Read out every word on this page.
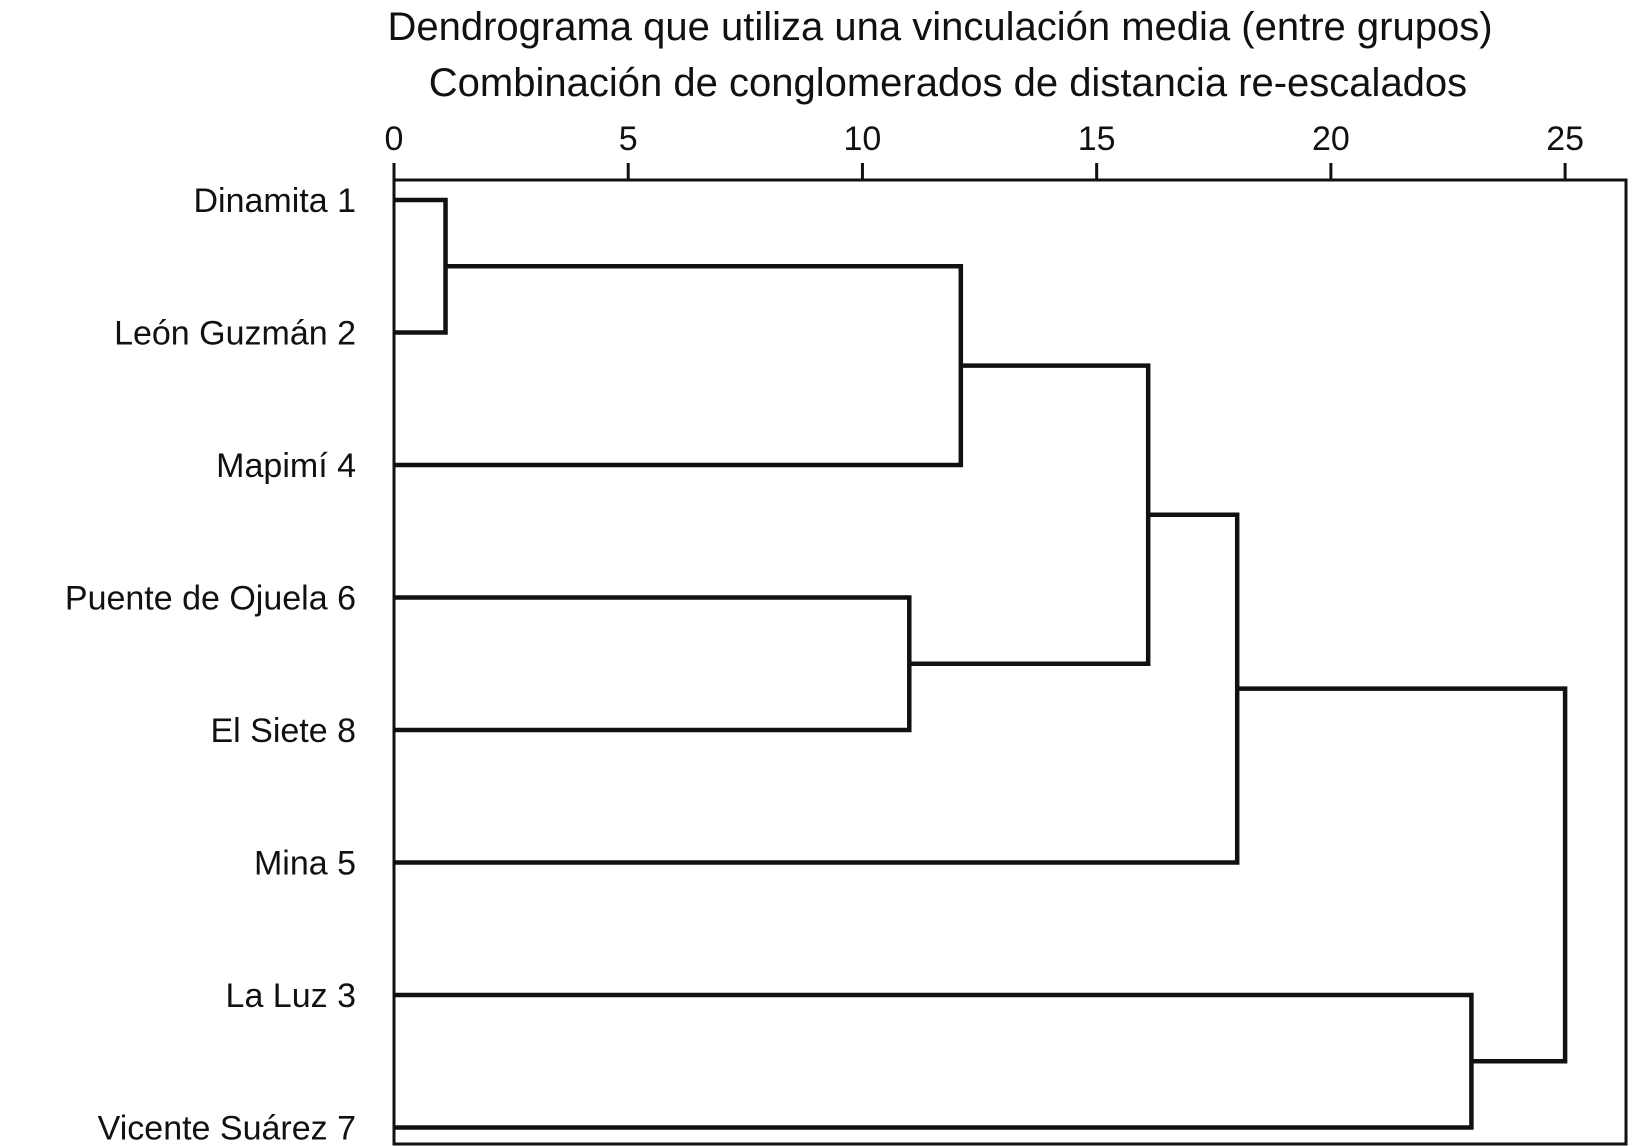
Dendrograma que utiliza una vinculación media (entre grupos)
Combinación de conglomerados de distancia re-escalados
0	5	10	15	20	25
Dinamita 1
León Guzmán 2
Mapimí 4
Puente de Ojuela 6
El Siete 8
Mina 5
La Luz 3
Vicente Suárez 7
